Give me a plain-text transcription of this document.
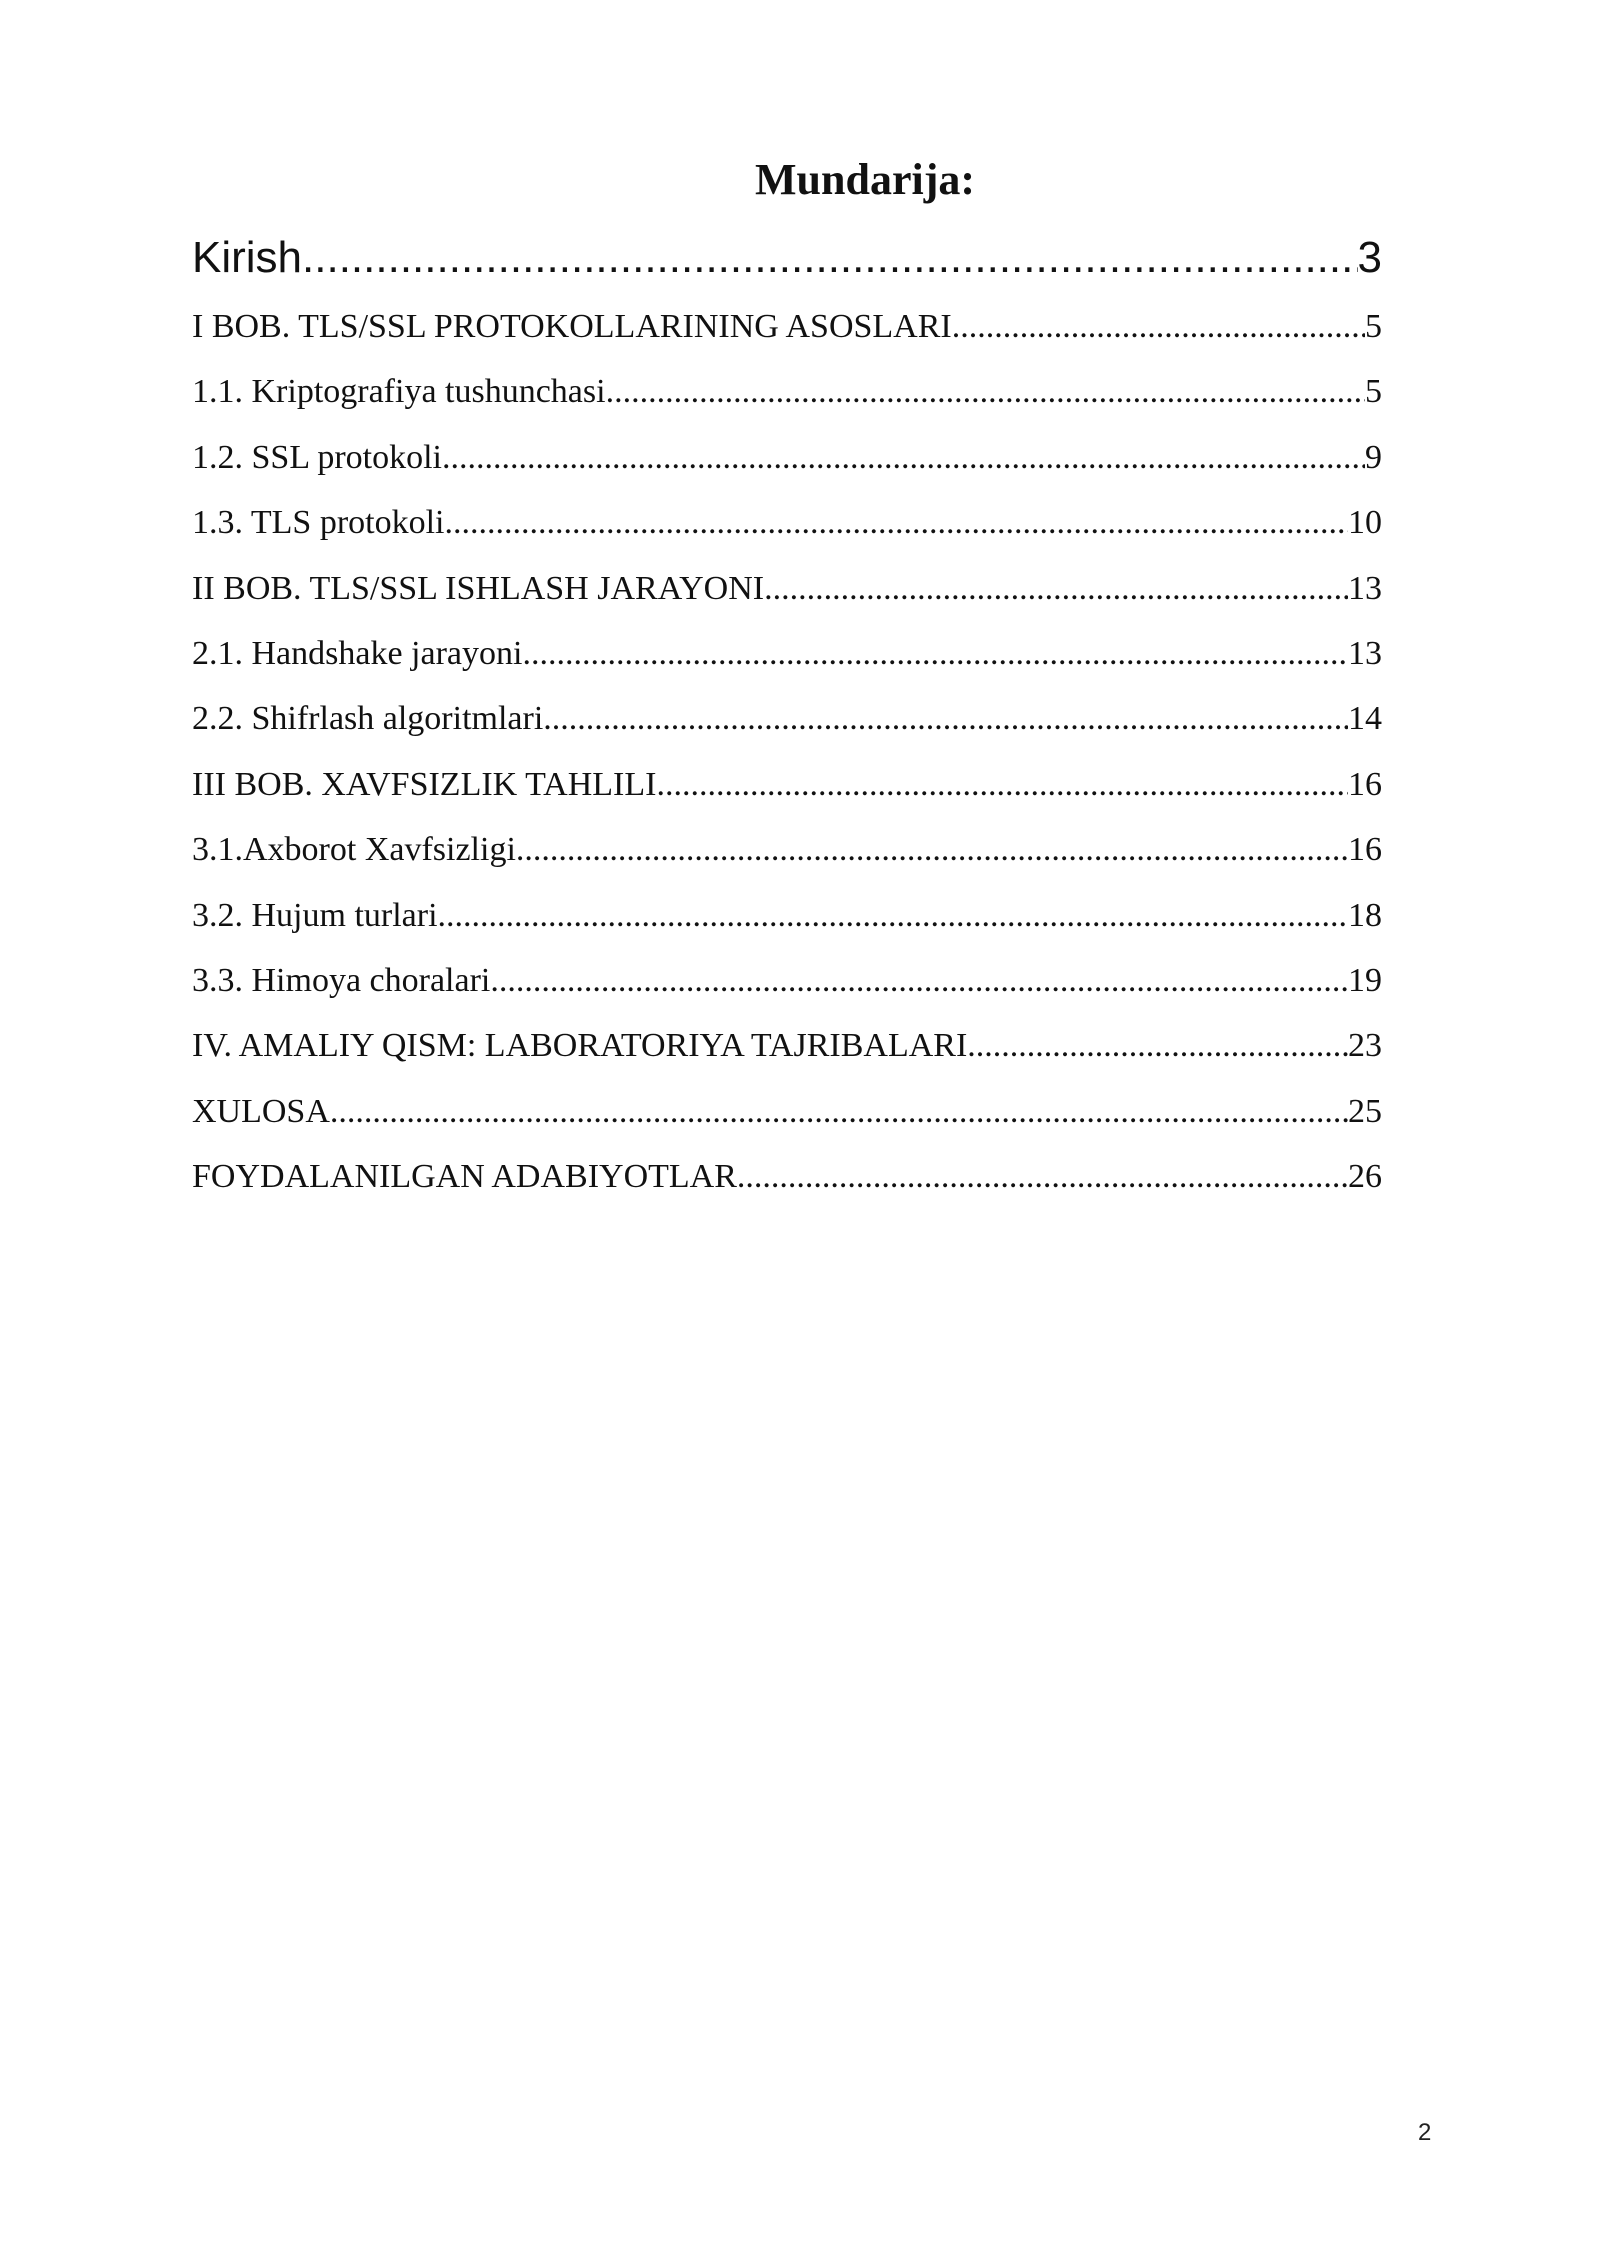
Mundarija:
Kirish .....	3
I BOB. TLS/SSL PROTOKOLLARINING ASOSLARI .....	5
1.1. Kriptografiya tushunchasi .....	5
1.2. SSL protokoli .....	9
1.3. TLS protokoli .....	10
II BOB. TLS/SSL ISHLASH JARAYONI .....	13
2.1. Handshake jarayoni .....	13
2.2. Shifrlash algoritmlari .....	14
III BOB. XAVFSIZLIK TAHLILI .....	16
3.1.Axborot Xavfsizligi .....	16
3.2. Hujum turlari .....	18
3.3. Himoya choralari .....	19
IV. AMALIY QISM: LABORATORIYA TAJRIBALARI .....	23
XULOSA .....	25
FOYDALANILGAN ADABIYOTLAR .....	26
2
